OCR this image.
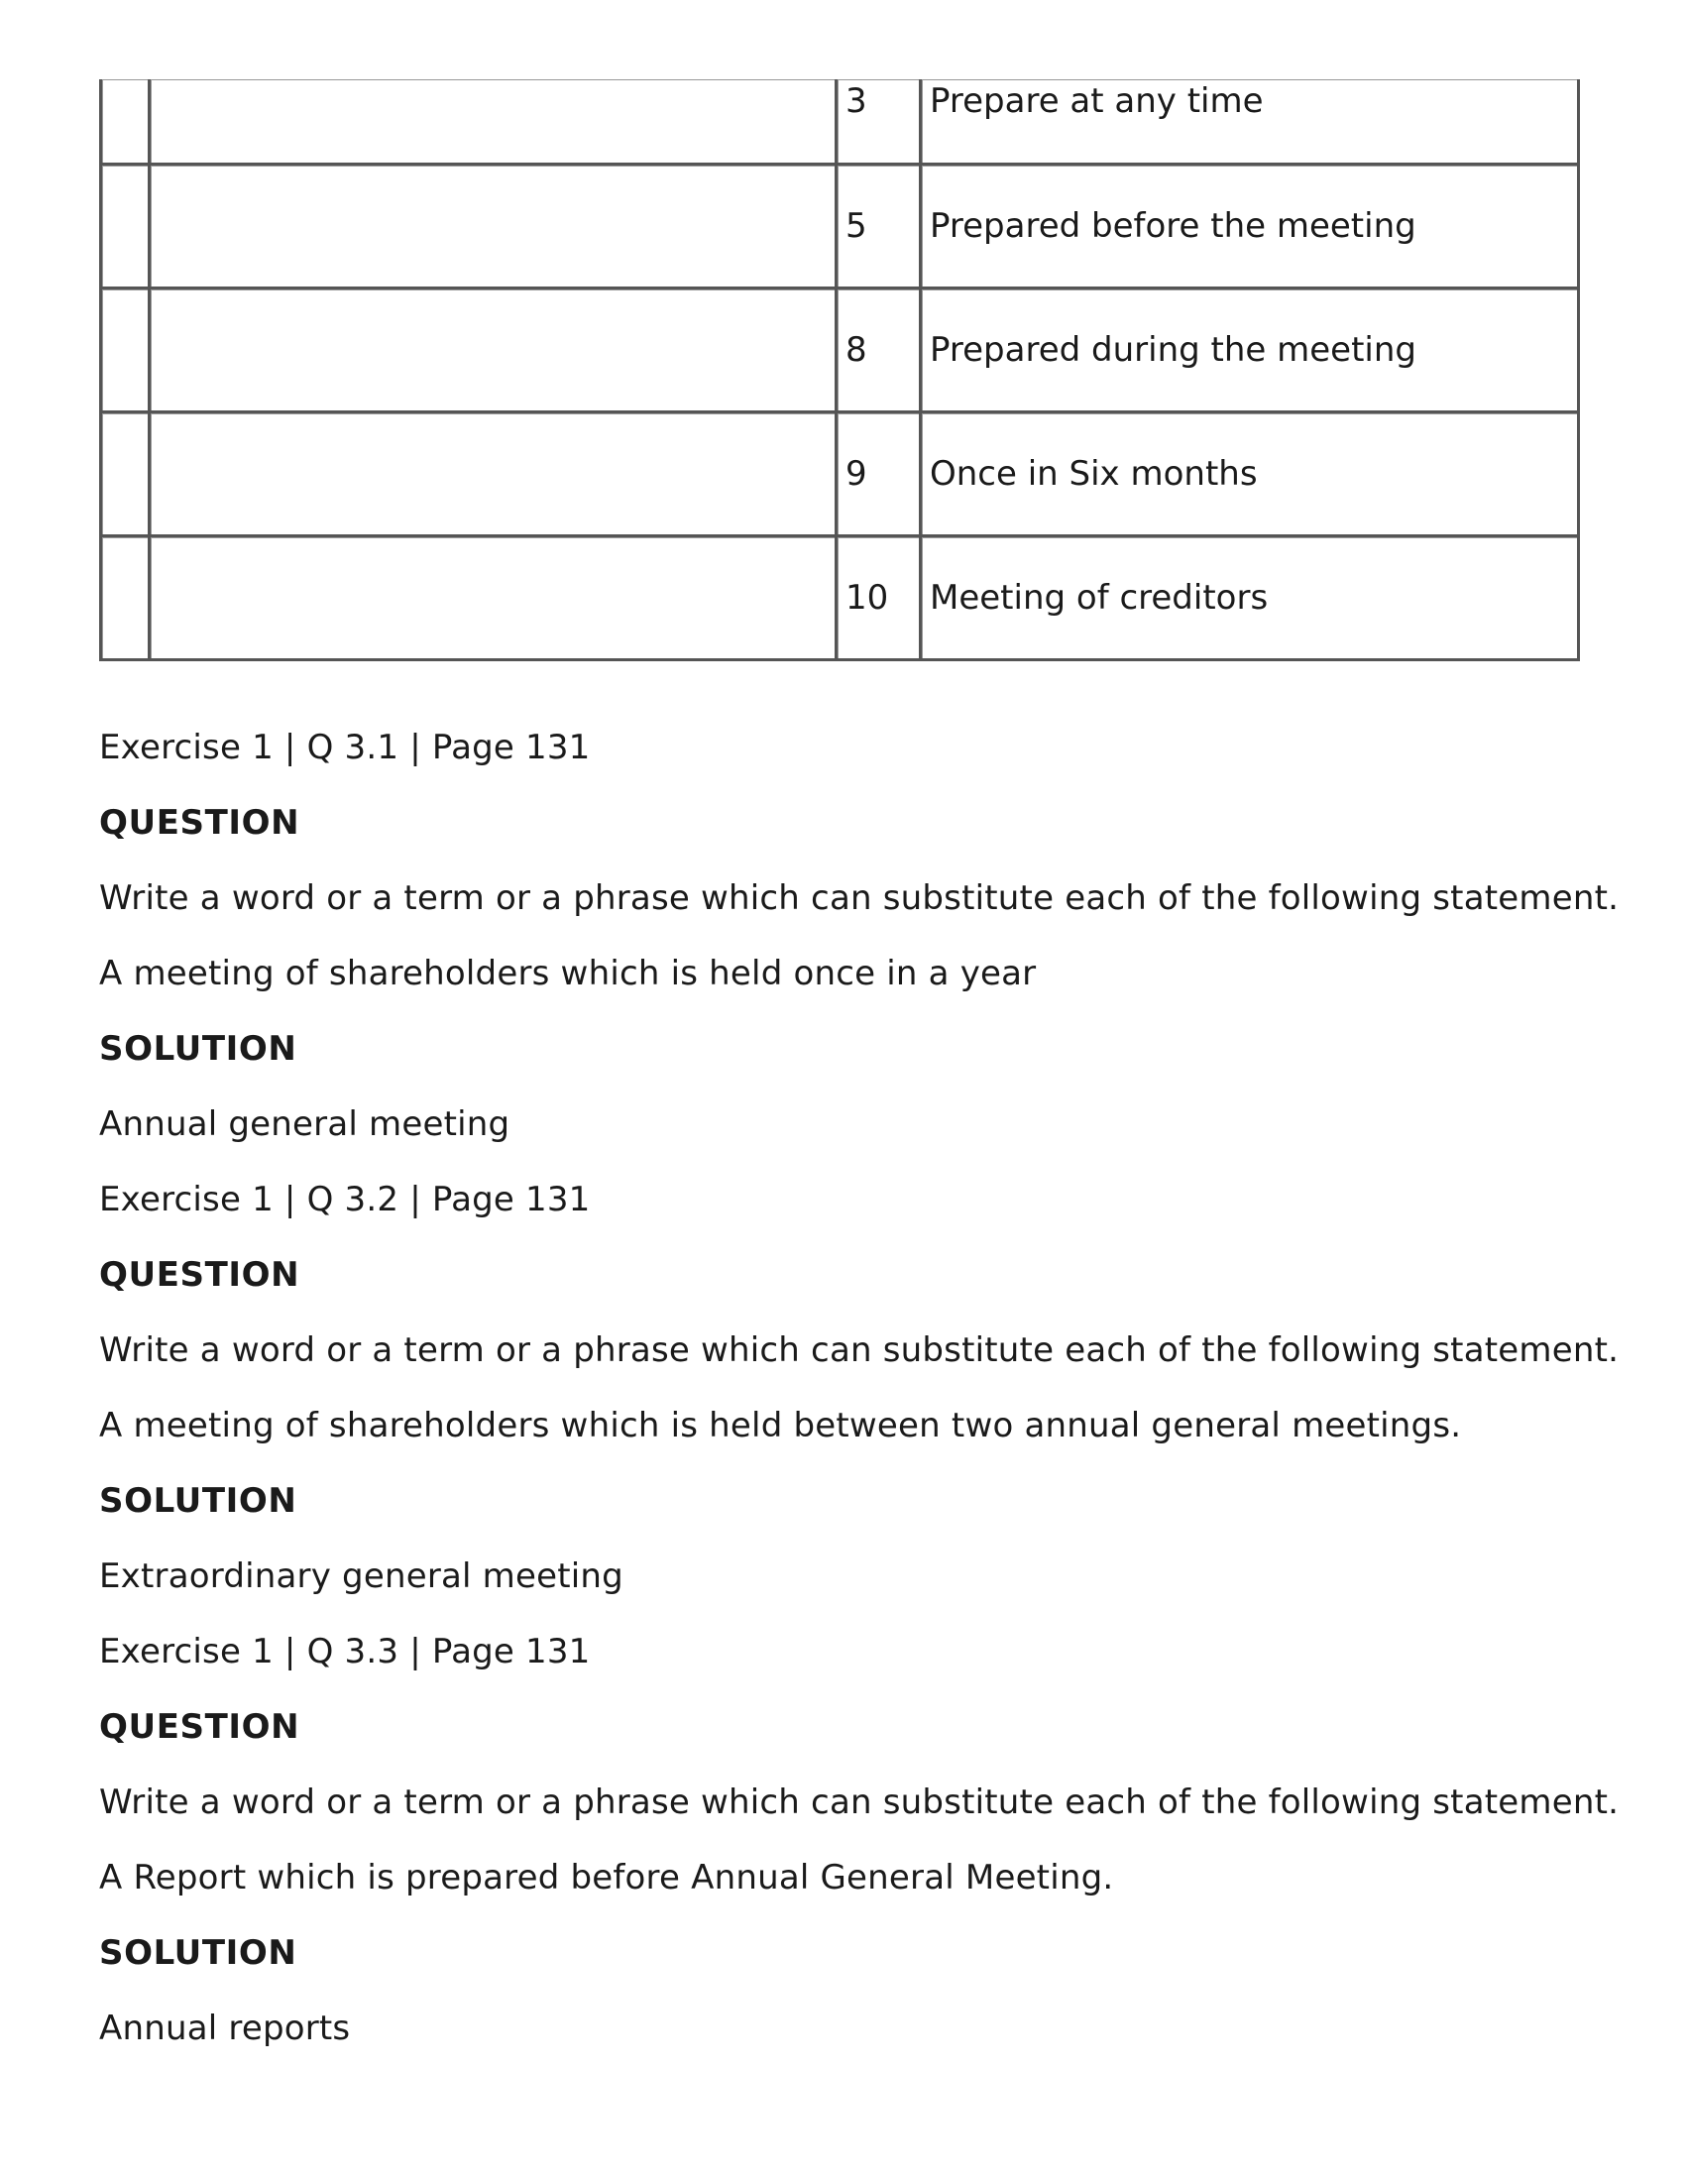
		3	Prepare at any time
		5	Prepared before the meeting
		8	Prepared during the meeting
		9	Once in Six months
		10	Meeting of creditors
Exercise 1 | Q 3.1 | Page 131
QUESTION
Write a word or a term or a phrase which can substitute each of the following statement.
A meeting of shareholders which is held once in a year
SOLUTION
Annual general meeting
Exercise 1 | Q 3.2 | Page 131
QUESTION
Write a word or a term or a phrase which can substitute each of the following statement.
A meeting of shareholders which is held between two annual general meetings.
SOLUTION
Extraordinary general meeting
Exercise 1 | Q 3.3 | Page 131
QUESTION
Write a word or a term or a phrase which can substitute each of the following statement.
A Report which is prepared before Annual General Meeting.
SOLUTION
Annual reports
